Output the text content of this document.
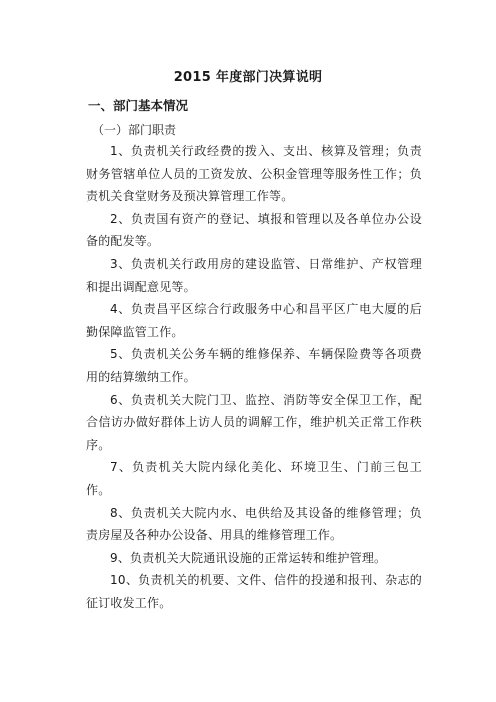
2015 年度部门决算说明
一、部门基本情况
（一）部门职责

1、负责机关行政经费的拨入、支出、核算及管理；负责财务管辖单位人员的工资发放、公积金管理等服务性工作；负责机关食堂财务及预决算管理工作等。

2、负责国有资产的登记、填报和管理以及各单位办公设备的配发等。

3、负责机关行政用房的建设监管、日常维护、产权管理和提出调配意见等。

4、负责昌平区综合行政服务中心和昌平区广电大厦的后勤保障监管工作。

5、负责机关公务车辆的维修保养、车辆保险费等各项费用的结算缴纳工作。

6、负责机关大院门卫、监控、消防等安全保卫工作，配合信访办做好群体上访人员的调解工作，维护机关正常工作秩序。

7、负责机关大院内绿化美化、环境卫生、门前三包工作。

8、负责机关大院内水、电供给及其设备的维修管理；负责房屋及各种办公设备、用具的维修管理工作。

9、负责机关大院通讯设施的正常运转和维护管理。

10、负责机关的机要、文件、信件的投递和报刊、杂志的征订收发工作。
